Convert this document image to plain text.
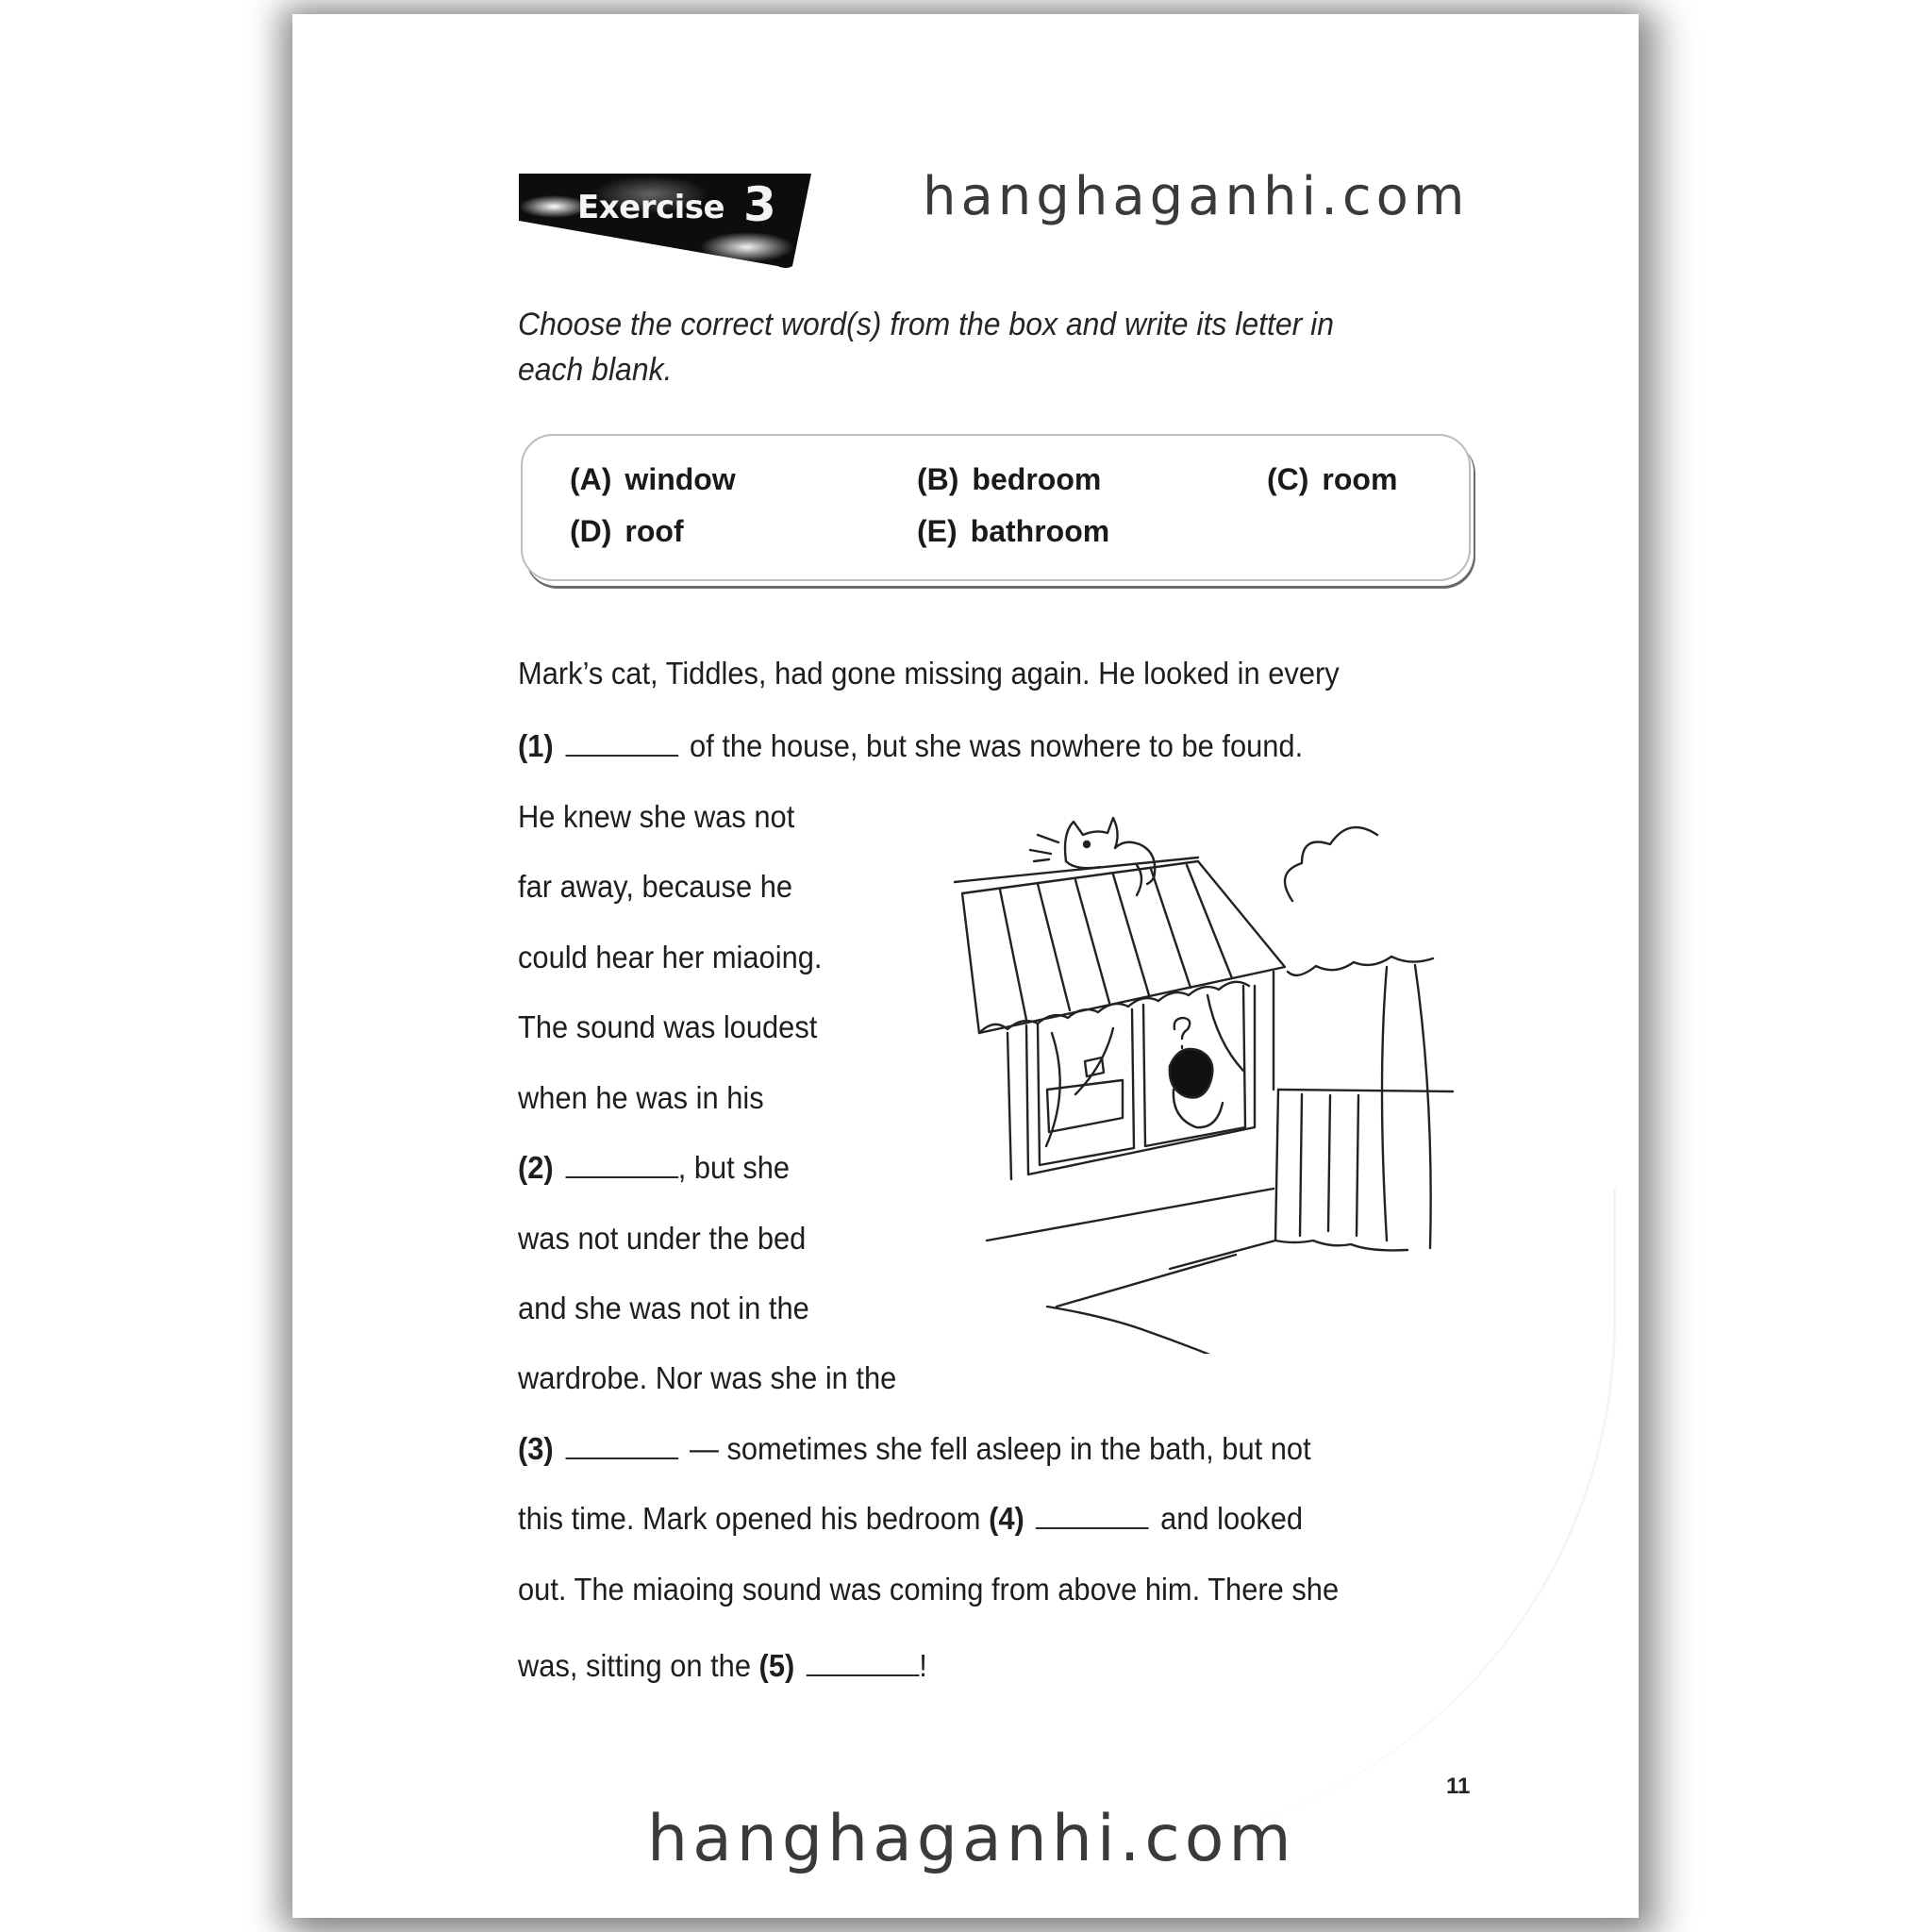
hanghaganhi.com
Exercise 3
Choose the correct word(s) from the box and write its letter in
each blank.
(A) window	(B) bedroom	(C) room
(D) roof	(E) bathroom
Mark’s cat, Tiddles, had gone missing again. He looked in every
(1)	of the house, but she was nowhere to be found.
He knew she was not
far away, because he
could hear her miaoing.
The sound was loudest
when he was in his
(2)	, but she
was not under the bed
and she was not in the
wardrobe. Nor was she in the
(3)	— sometimes she fell asleep in the bath, but not
this time. Mark opened his bedroom (4)	and looked
out. The miaoing sound was coming from above him. There she
was, sitting on the (5)	!
11
hanghaganhi.com
